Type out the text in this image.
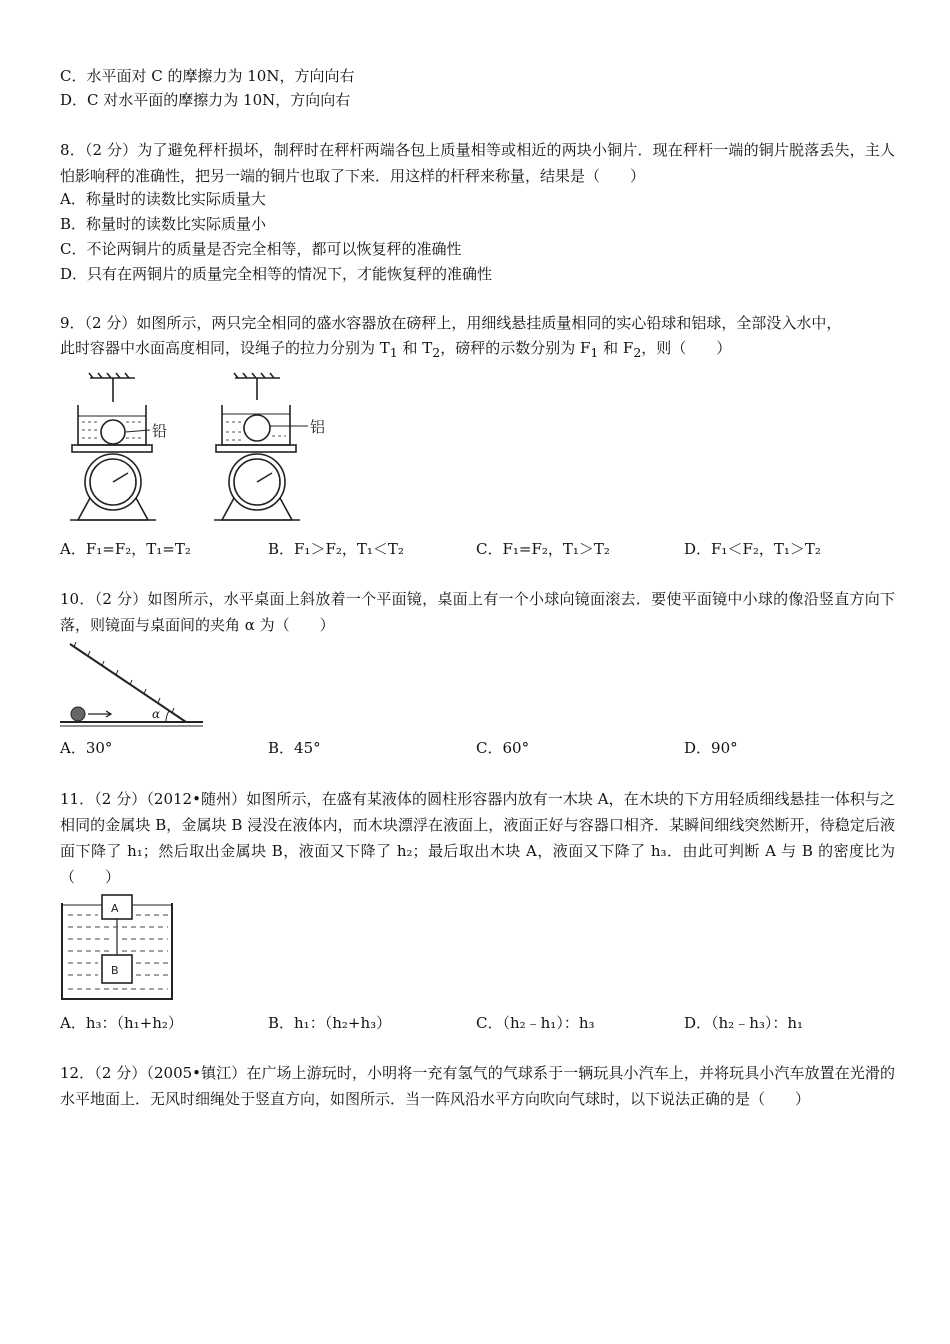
C．水平面对 C 的摩擦力为 10N，方向向右
D．C 对水平面的摩擦力为 10N，方向向右
8．（2 分）为了避免秤杆损坏，制秤时在秤杆两端各包上质量相等或相近的两块小铜片．现在秤杆一端的铜片脱落丢失，主人怕影响秤的准确性，把另一端的铜片也取了下来．用这样的杆秤来称量，结果是（　　）
A．称量时的读数比实际质量大
B．称量时的读数比实际质量小
C．不论两铜片的质量是否完全相等，都可以恢复秤的准确性
D．只有在两铜片的质量完全相等的情况下，才能恢复秤的准确性
9．（2 分）如图所示，两只完全相同的盛水容器放在磅秤上，用细线悬挂质量相同的实心铅球和铝球，全部没入水中，
此时容器中水面高度相同，设绳子的拉力分别为 $T_1$ 和 $T_2$，磅秤的示数分别为 $F_1$ 和 $F_2$，则（　　）
铅	铝
A．F₁=F₂，T₁=T₂	B．F₁＞F₂，T₁＜T₂	C．F₁=F₂，T₁＞T₂	D．F₁＜F₂，T₁＞T₂
10．（2 分）如图所示，水平桌面上斜放着一个平面镜，桌面上有一个小球向镜面滚去．要使平面镜中小球的像沿竖直方向下落，则镜面与桌面间的夹角 α 为（　　）
α
A．30°	B．45°	C．60°	D．90°
11．（2 分）（2012•随州）如图所示，在盛有某液体的圆柱形容器内放有一木块 A，在木块的下方用轻质细线悬挂一体积与之相同的金属块 B，金属块 B 浸没在液体内，而木块漂浮在液面上，液面正好与容器口相齐．某瞬间细线突然断开，待稳定后液面下降了 h₁；然后取出金属块 B，液面又下降了 h₂；最后取出木块 A，液面又下降了 h₃．由此可判断 A 与 B 的密度比为（　　）
A
B
A．h₃：（h₁+h₂）	B．h₁：（h₂+h₃）	C．（h₂﹣h₁）：h₃	D．（h₂﹣h₃）：h₁
12．（2 分）（2005•镇江）在广场上游玩时，小明将一充有氢气的气球系于一辆玩具小汽车上，并将玩具小汽车放置在光滑的水平地面上．无风时细绳处于竖直方向，如图所示．当一阵风沿水平方向吹向气球时，以下说法正确的是（　　）
